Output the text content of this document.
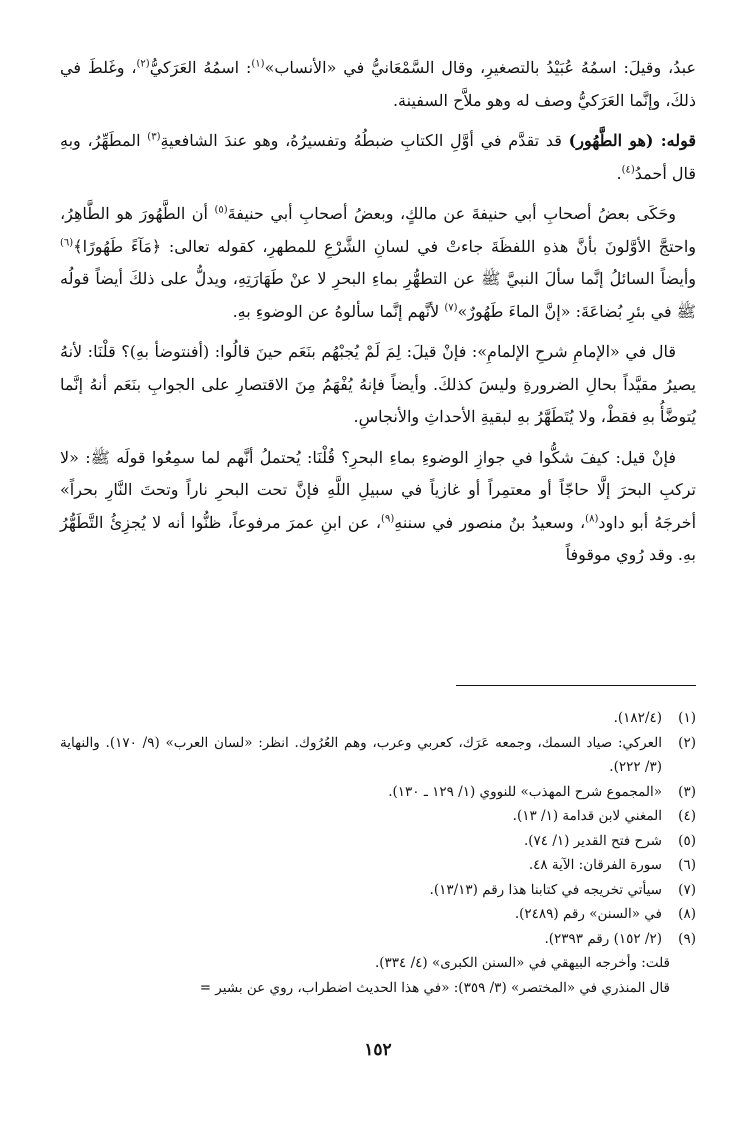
عبدُ، وقيلَ: اسمُهُ عُبَيْدُ بالتصغيرِ، وقال السَّمْعَانيُّ في «الأنساب»$^{(١)}$: اسمُهُ العَرَكيُّ$^{(٢)}$، وغَلطَ في ذلكَ، وإنَّما العَرَكيُّ وصف له وهو ملاَّح السفينة.

قوله: (هو الطَّهُور) قد تقدَّم في أوَّلِ الكتابِ ضبطُهُ وتفسيرُهُ، وهو عندَ الشافعيةِ$^{(٣)}$ المطَهِّرُ، وبهِ قال أحمدُ$^{(٤)}$.

وحَكَى بعضُ أصحابِ أبي حنيفةَ عن مالكٍ، وبعضُ أصحابِ أبي حنيفةَ$^{(٥)}$ أن الطَّهُورَ هو الطَّاهِرُ، واحتجَّ الأوَّلونَ بأنَّ هذهِ اللفظَةَ جاءتْ في لسانِ الشَّرْعِ للمطهرِ، كقوله تعالى: ﴿مَآءً طَهُورًا﴾$^{(٦)}$ وأيضاً السائلُ إنَّما سألَ النبيَّ ﷺ عن التطهُّرِ بماءِ البحرِ لا عنْ طَهَارَتِهِ، ويدلُّ على ذلكَ أيضاً قولُه ﷺ في بئرِ بُضاعَةَ: «إنَّ الماءَ طَهُورٌ»$^{(٧)}$ لأنَّهم إنَّما سألوهُ عن الوضوءِ بهِ.

قال في «الإمامِ شرحِ الإلمامِ»: فإنْ قيلَ: لِمَ لَمْ يُجبْهُم بنَعَم حينَ قالُوا: (أفنتوضأ بهِ)؟ قلْنَا: لأنهُ يصيرُ مقيَّداً بحالِ الضرورةِ وليسَ كذلكَ. وأيضاً فإنهُ يُفْهَمُ مِنَ الاقتصارِ على الجوابِ بنَعَم أنهُ إنَّما يُتوضَّأُ بهِ فقطْ، ولا يُتَطَهَّرُ بهِ لبقيةِ الأحداثِ والأنجاسِ.

فإنْ قيل: كيفَ شكُّوا في جوازِ الوضوءِ بماءِ البحرِ؟ قُلْنَا: يُحتملُ أنَّهم لما سمِعُوا قولَه ﷺ: «لا تركبِ البحرَ إلَّا حاجّاً أو معتمِراً أو غازياً في سبيلِ اللَّهِ فإنَّ تحت البحرِ ناراً وتحتَ النَّارِ بحراً» أخرجَهُ أبو داود$^{(٨)}$، وسعيدُ بنُ منصور في سننهِ$^{(٩)}$، عن ابنِ عمرَ مرفوعاً، ظنُّوا أنه لا يُجزِئُ التَّطَهُّرُ بهِ. وقد رُوي موقوفاً

(١)
(١٨٢/٤).
(٢)
العركي: صياد السمك، وجمعه عَرَك، كعربي وعرب، وهم العُرُوك. انظر: «لسان العرب» (٩/ ١٧٠). والنهاية (٣/ ٢٢٢).
(٣)
«المجموع شرح المهذب» للنووي (١/ ١٢٩ ـ ١٣٠).
(٤)
المغني لابن قدامة (١/ ١٣).
(٥)
شرح فتح القدير (١/ ٧٤).
(٦)
سورة الفرقان: الآية ٤٨.
(٧)
سيأتي تخريجه في كتابنا هذا رقم (١٣/١٣).
(٨)
في «السنن» رقم (٢٤٨٩).
(٩)
(٢/ ١٥٢) رقم ٢٣٩٣).
قلت: وأخرجه البيهقي في «السنن الكبرى» (٤/ ٣٣٤).
قال المنذري في «المختصر» (٣/ ٣٥٩): «في هذا الحديث اضطراب، روي عن بشير =
١٥٢
